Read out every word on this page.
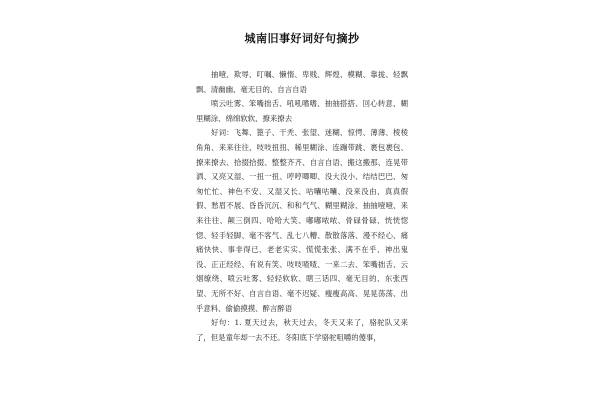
城南旧事好词好句摘抄

抽噎、欺辱、叮嘱、懒惰、卑贱、辉煌、模糊、靠拢、轻飘飘、清幽幽、毫无目的、自言自语

喷云吐雾、笨嘴拙舌、吼吼嗜嗜、抽抽搭搭、回心转意、糊里糊涂、绵绵软软、撩来撩去

好词：飞舞、篦子、干秃、张望、迷糊、惊愕、薄薄、棱棱角角、来来往往、吱吱扭扭、稀里糊涂、连蹦带跳、裹包裹包、撩来撩去、拾掇拾掇、整整齐齐、自言自语、搬这搬那、连晃带洒、又亮又湿、一扭一扭、哼哼唧唧、没大没小、结结巴巴、匆匆忙忙、神色不安、又湿又长、咕囔咕囔、没来没由、真真假假、愁眉不展、昏昏沉沉、和和气气、糊里糊涂、抽抽噎噎、来来往往、颠三倒四、哈哈大笑、嘟嘟哝哝、骨碌骨碌、恍恍惚惚、轻手轻脚、毫不客气、乱七八糟、散散落落、漫不经心、痛痛快快、事非得已、老老实实、慌慌张张、满不在乎、神出鬼没、正正经经、有说有笑、吱吱喳喳、一来二去、笨嘴拙舌、云烟缭绕、喷云吐雾、轻轻软软、瞎三话四、毫无目的、东张西望、无所不好、自言自语、毫不迟疑、瘦瘦高高、晃晃荡荡、出乎意料、偷偷摸摸、醉言醉语

好句：1. 夏天过去，秋天过去，冬天又来了，骆驼队又来了，但是童年却一去不还。冬阳底下学骆驼咀嚼的傻事，
